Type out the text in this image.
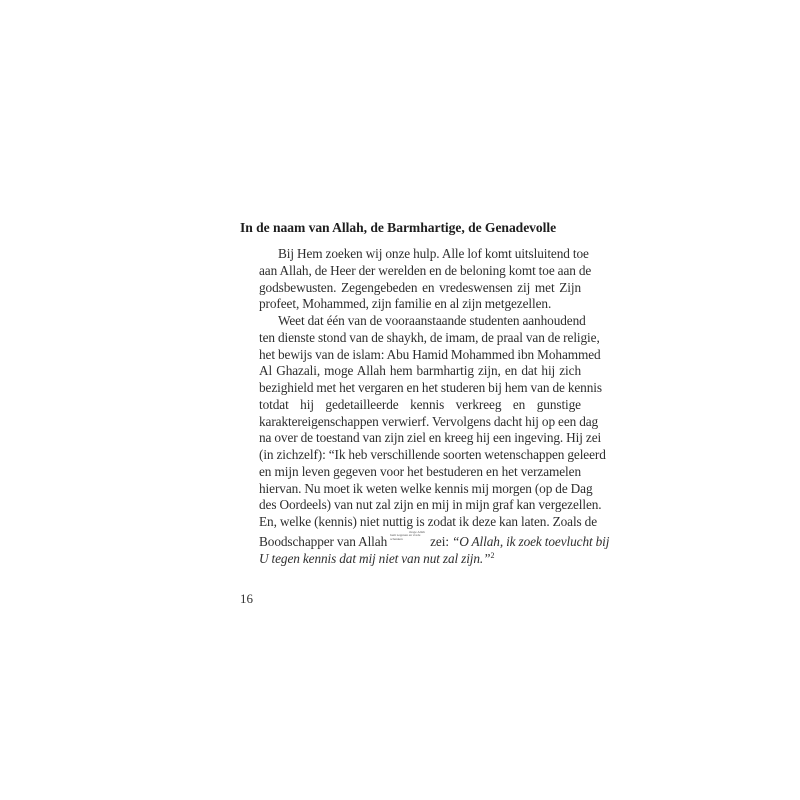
In de naam van Allah, de Barmhartige, de Genadevolle
Bij Hem zoeken wij onze hulp. Alle lof komt uitsluitend toe
aan Allah, de Heer der werelden en de beloning komt toe aan de
godsbewusten. Zegengebeden en vredeswensen zij met Zijn
profeet, Mohammed, zijn familie en al zijn metgezellen.
Weet dat één van de vooraanstaande studenten aanhoudend
ten dienste stond van de shaykh, de imam, de praal van de religie,
het bewijs van de islam: Abu Hamid Mohammed ibn Mohammed
Al Ghazali, moge Allah hem barmhartig zijn, en dat hij zich
bezighield met het vergaren en het studeren bij hem van de kennis
totdat hij gedetailleerde kennis verkreeg en gunstige
karaktereigenschappen verwierf. Vervolgens dacht hij op een dag
na over de toestand van zijn ziel en kreeg hij een ingeving. Hij zei
(in zichzelf): “Ik heb verschillende soorten wetenschappen geleerd
en mijn leven gegeven voor het bestuderen en het verzamelen
hiervan. Nu moet ik weten welke kennis mij morgen (op de Dag
des Oordeels) van nut zal zijn en mij in mijn graf kan vergezellen.
En, welke (kennis) niet nuttig is zodat ik deze kan laten. Zoals de
Boodschapper van Allahmoge Allah hem zegenen en vrede schenken zei: “O Allah, ik zoek toevlucht bij
U tegen kennis dat mij niet van nut zal zijn.”$^2$
16
